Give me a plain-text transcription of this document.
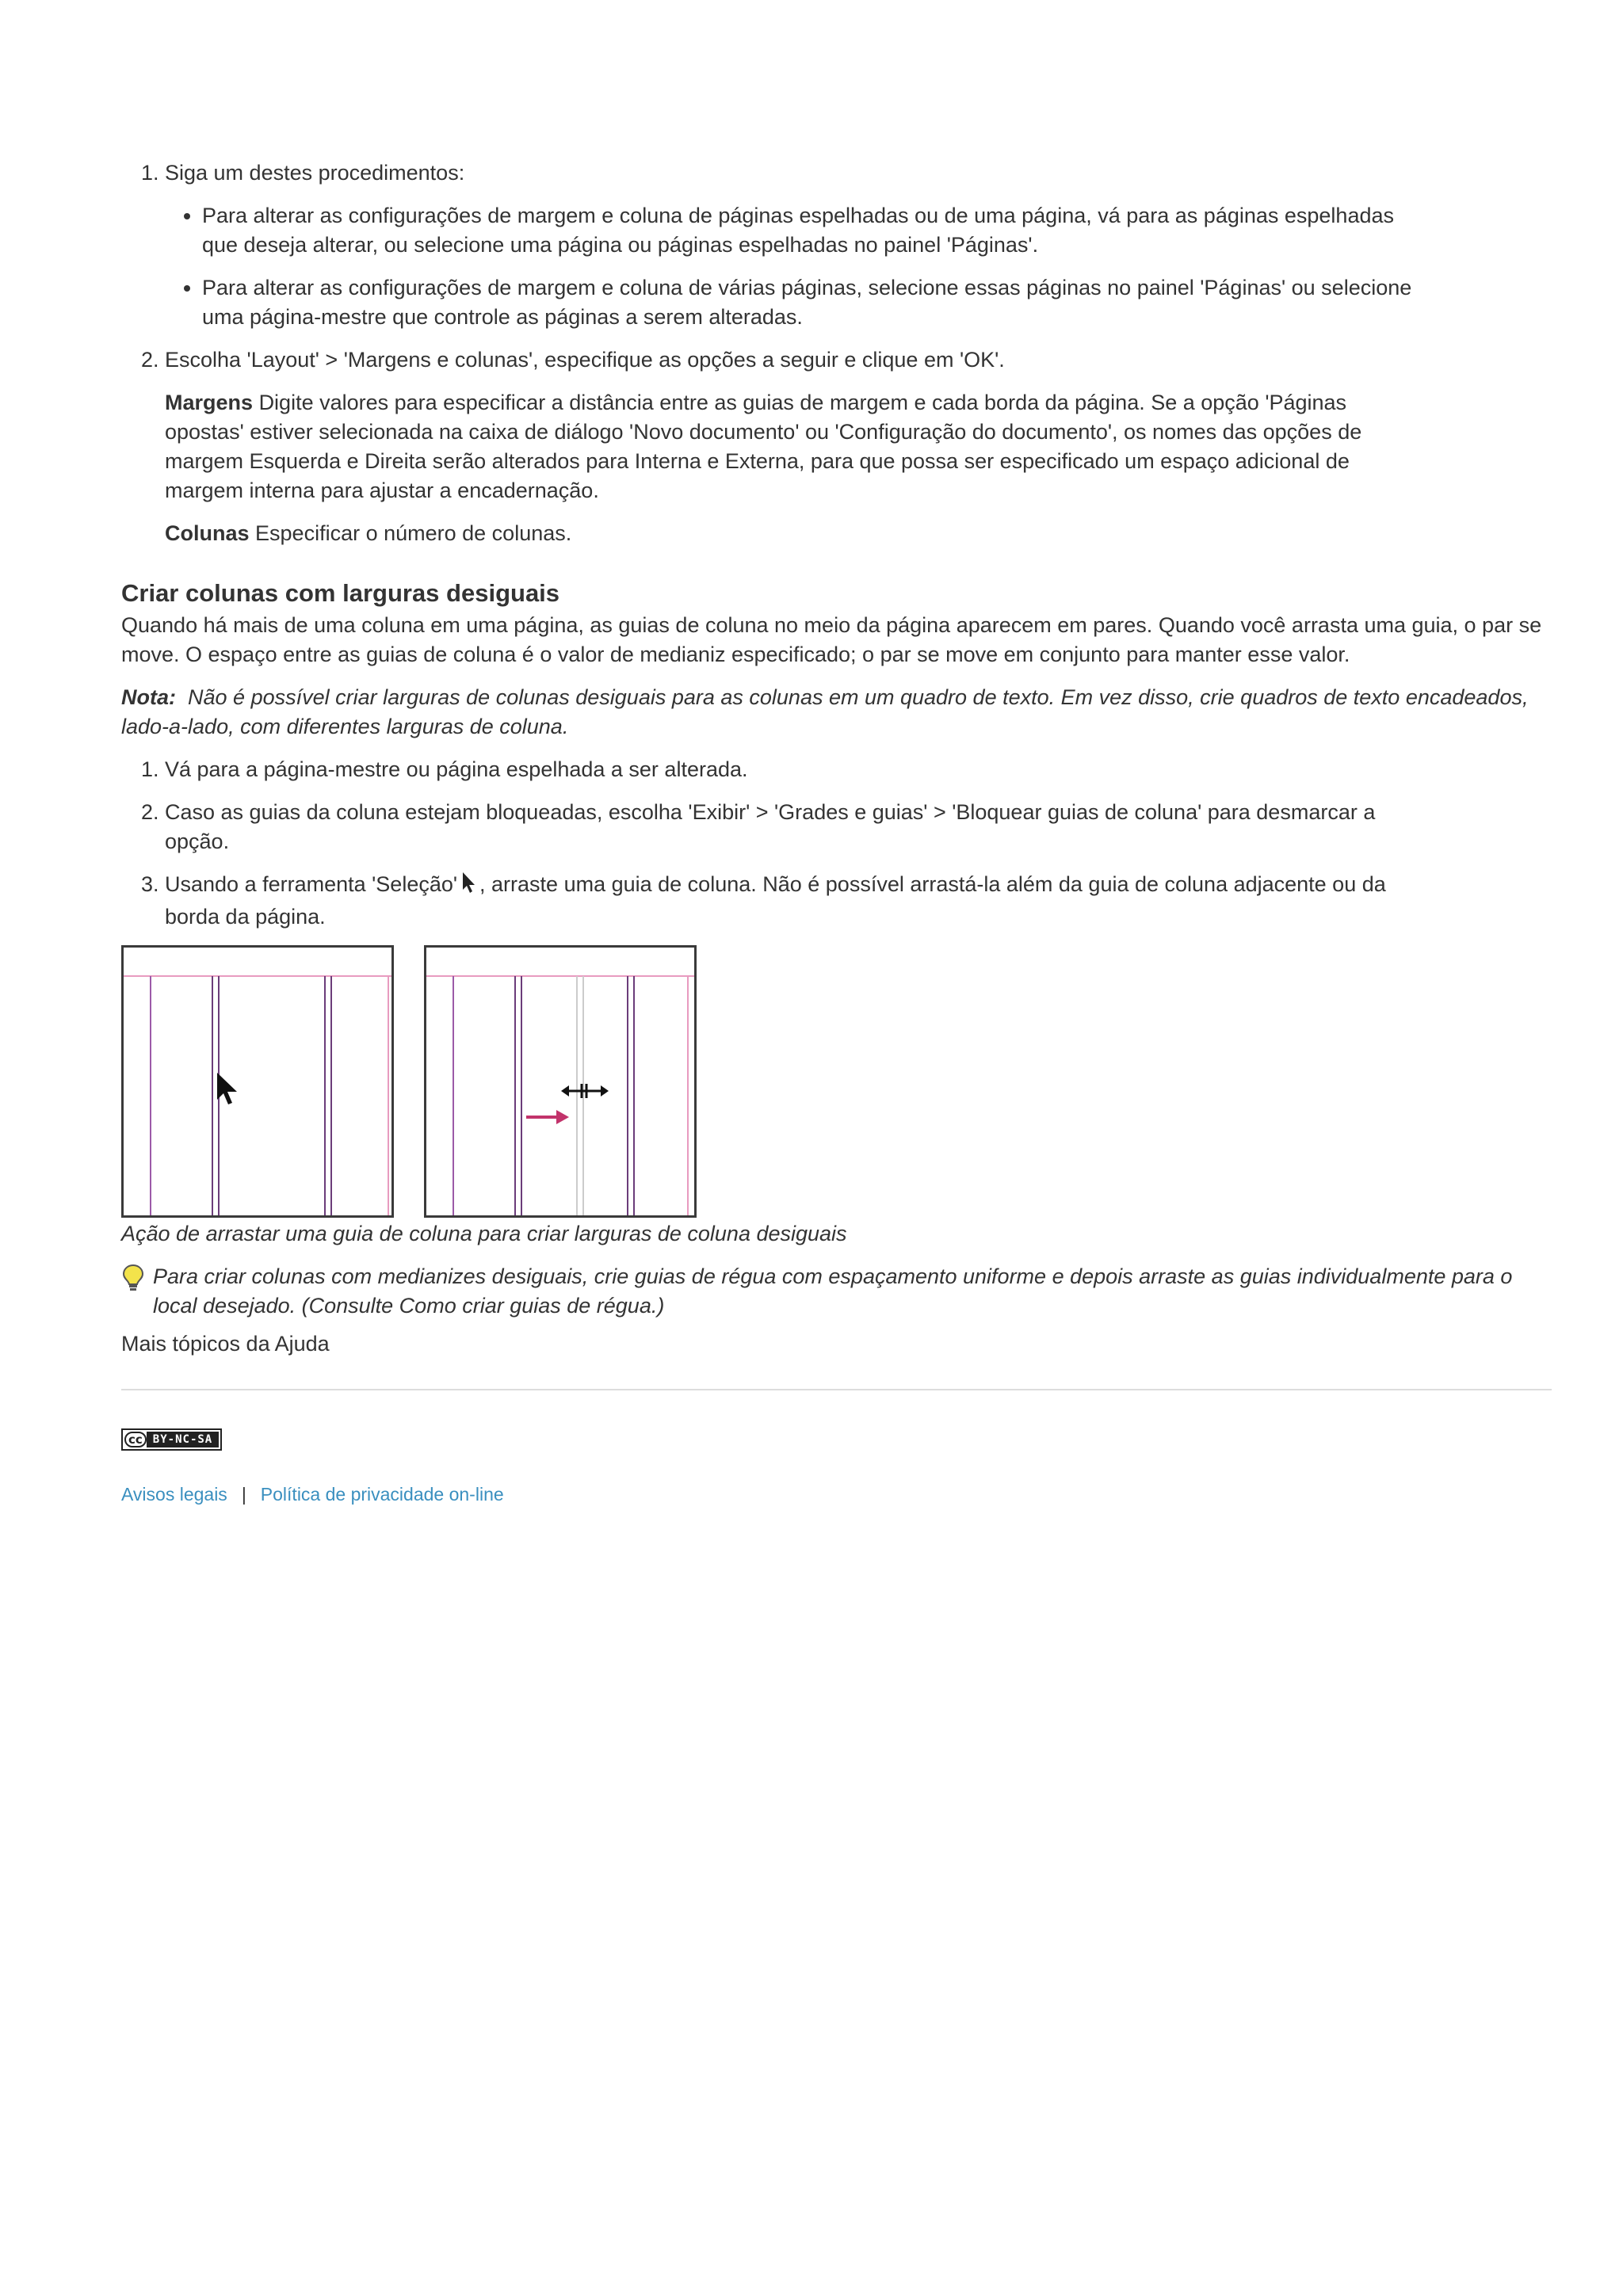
1. Siga um destes procedimentos:
• Para alterar as configurações de margem e coluna de páginas espelhadas ou de uma página, vá para as páginas espelhadas que deseja alterar, ou selecione uma página ou páginas espelhadas no painel 'Páginas'.
• Para alterar as configurações de margem e coluna de várias páginas, selecione essas páginas no painel 'Páginas' ou selecione uma página-mestre que controle as páginas a serem alteradas.
2. Escolha 'Layout' > 'Margens e colunas', especifique as opções a seguir e clique em 'OK'.
Margens Digite valores para especificar a distância entre as guias de margem e cada borda da página. Se a opção 'Páginas opostas' estiver selecionada na caixa de diálogo 'Novo documento' ou 'Configuração do documento', os nomes das opções de margem Esquerda e Direita serão alterados para Interna e Externa, para que possa ser especificado um espaço adicional de margem interna para ajustar a encadernação.
Colunas Especificar o número de colunas.
Criar colunas com larguras desiguais

Quando há mais de uma coluna em uma página, as guias de coluna no meio da página aparecem em pares. Quando você arrasta uma guia, o par se move. O espaço entre as guias de coluna é o valor de medianiz especificado; o par se move em conjunto para manter esse valor.

Nota: Não é possível criar larguras de colunas desiguais para as colunas em um quadro de texto. Em vez disso, crie quadros de texto encadeados, lado-a-lado, com diferentes larguras de coluna.

1. Vá para a página-mestre ou página espelhada a ser alterada.
2. Caso as guias da coluna estejam bloqueadas, escolha 'Exibir' > 'Grades e guias' > 'Bloquear guias de coluna' para desmarcar a opção.
3. Usando a ferramenta 'Seleção' , arraste uma guia de coluna. Não é possível arrastá-la além da guia de coluna adjacente ou da borda da página.

Ação de arrastar uma guia de coluna para criar larguras de coluna desiguais

Para criar colunas com medianizes desiguais, crie guias de régua com espaçamento uniforme e depois arraste as guias individualmente para o local desejado. (Consulte Como criar guias de régua.)

Mais tópicos da Ajuda

cc BY-NC-SA
Avisos legais | Política de privacidade on-line
